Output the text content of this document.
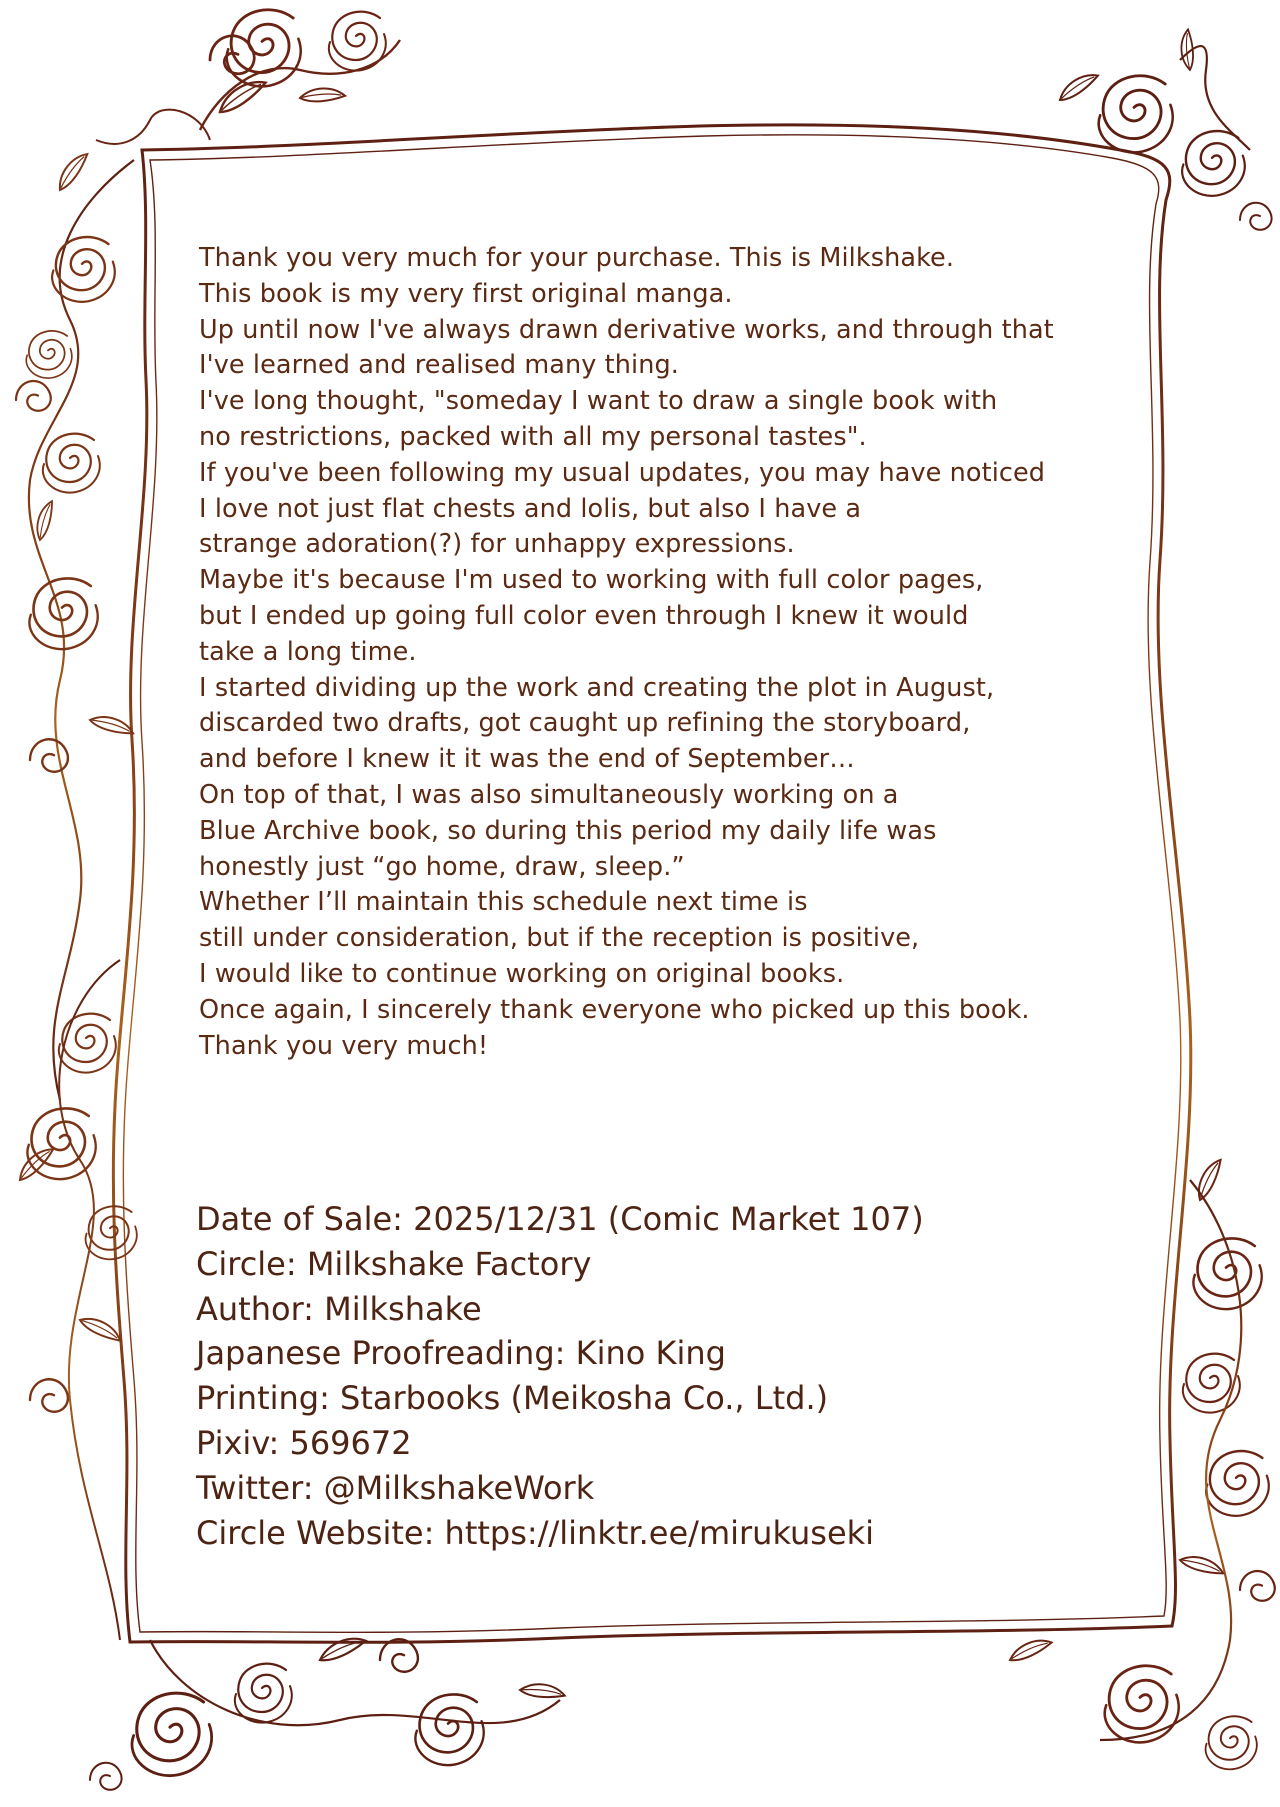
Thank you very much for your purchase. This is Milkshake.
This book is my very first original manga.
Up until now I've always drawn derivative works, and through that
I've learned and realised many thing.
I've long thought, "someday I want to draw a single book with
no restrictions, packed with all my personal tastes".
If you've been following my usual updates, you may have noticed
I love not just flat chests and lolis, but also I have a
strange adoration(?) for unhappy expressions.
Maybe it's because I'm used to working with full color pages,
but I ended up going full color even through I knew it would
take a long time.
I started dividing up the work and creating the plot in August,
discarded two drafts, got caught up refining the storyboard,
and before I knew it it was the end of September…
On top of that, I was also simultaneously working on a
Blue Archive book, so during this period my daily life was
honestly just “go home, draw, sleep.”
Whether I’ll maintain this schedule next time is
still under consideration, but if the reception is positive,
I would like to continue working on original books.
Once again, I sincerely thank everyone who picked up this book.
Thank you very much!
Date of Sale: 2025/12/31 (Comic Market 107)
Circle: Milkshake Factory
Author: Milkshake
Japanese Proofreading: Kino King
Printing: Starbooks (Meikosha Co., Ltd.)
Pixiv: 569672
Twitter: @MilkshakeWork
Circle Website: https://linktr.ee/mirukuseki
